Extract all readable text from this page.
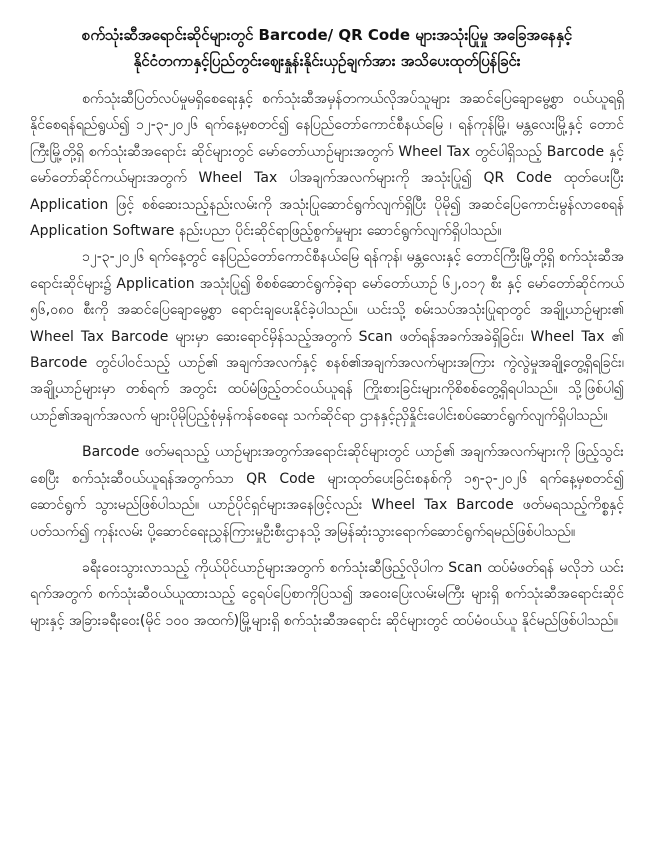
စက်သုံးဆီအရောင်းဆိုင်များတွင် Barcode/ QR Code များအသုံးပြုမှု အခြေအနေနှင့်
နိုင်ငံတကာနှင့်ပြည်တွင်းဈေးနှုန်းနိုင်းယှဉ်ချက်အား အသိပေးထုတ်ပြန်ခြင်း

စက်သုံးဆီပြတ်လပ်မှုမရှိစေရေးနှင့် စက်သုံးဆီအမှန်တကယ်လိုအပ်သူများ အဆင်ပြေချောမွေ့စွာ ဝယ်ယူရရှိနိုင်စေရန်ရည်ရွယ်၍ ၁၂-၃-၂၀၂၆ ရက်နေ့မှစတင်၍ နေပြည်တော်ကောင်စီနယ်မြေ ၊ ရန်ကုန်မြို့၊ မန္တလေးမြို့နှင့် တောင်ကြီးမြို့တို့ရှိ စက်သုံးဆီအရောင်း ဆိုင်များတွင် မော်တော်ယာဉ်များအတွက် Wheel Tax တွင်ပါရှိသည့် Barcode နှင့် မော်တော်ဆိုင်ကယ်များအတွက် Wheel Tax ပါအချက်အလက်များကို အသုံးပြု၍ QR Code ထုတ်ပေးပြီး Application ဖြင့် စစ်ဆေးသည့်နည်းလမ်းကို အသုံးပြုဆောင်ရွက်လျက်ရှိပြီး ပိုမို၍ အဆင်ပြေကောင်းမွန်လာစေရန် Application Software နည်းပညာ ပိုင်းဆိုင်ရာဖြည့်စွက်မှုများ ဆောင်ရွက်လျက်ရှိပါသည်။

၁၂-၃-၂၀၂၆ ရက်နေ့တွင် နေပြည်တော်ကောင်စီနယ်မြေ ရန်ကုန်၊ မန္တလေးနှင့် တောင်ကြီးမြို့တို့ရှိ စက်သုံးဆီအရောင်းဆိုင်များ၌ Application အသုံးပြု၍ စိစစ်ဆောင်ရွက်ခဲ့ရာ မော်တော်ယာဉ် ၆၂,၀၁၇ စီး နှင့် မော်တော်ဆိုင်ကယ် ၅၆,၀၈၀ စီးကို အဆင်ပြေချောမွေ့စွာ ရောင်းချပေးနိုင်ခဲ့ပါသည်။ ယင်းသို့ စမ်းသပ်အသုံးပြုရာတွင် အချို့ယာဉ်များ၏ Wheel Tax Barcode များမှာ ဆေးရောင်မှိန်သည့်အတွက် Scan ဖတ်ရန်အခက်အခဲရှိခြင်း၊ Wheel Tax ၏ Barcode တွင်ပါဝင်သည့် ယာဉ်၏ အချက်အလက်နှင့် စနစ်၏အချက်အလက်များအကြား ကွဲလွဲမှုအချို့တွေ့ရှိရခြင်း၊ အချို့ယာဉ်များမှာ တစ်ရက် အတွင်း ထပ်မံဖြည့်တင်ဝယ်ယူရန် ကြိုးစားခြင်းများကိုစိစစ်တွေ့ရှိရပါသည်။ သို့ဖြစ်ပါ၍ ယာဉ်၏အချက်အလက် များပိုမိုပြည့်စုံမှန်ကန်စေရေး သက်ဆိုင်ရာ ဌာနနှင့်ညှိနှိုင်းပေါင်းစပ်ဆောင်ရွက်လျက်ရှိပါသည်။

Barcode ဖတ်မရသည့် ယာဉ်များအတွက်အရောင်းဆိုင်များတွင် ယာဉ်၏ အချက်အလက်များကို ဖြည့်သွင်းစေပြီး စက်သုံးဆီဝယ်ယူရန်အတွက်သာ QR Code များထုတ်ပေးခြင်းစနစ်ကို ၁၅-၃-၂၀၂၆ ရက်နေ့မှစတင်၍ ဆောင်ရွက် သွားမည်ဖြစ်ပါသည်။ ယာဉ်ပိုင်ရှင်များအနေဖြင့်လည်း Wheel Tax Barcode ဖတ်မရသည့်ကိစ္စနှင့်ပတ်သက်၍ ကုန်းလမ်း ပို့ဆောင်ရေးညွှန်ကြားမှုဦးစီးဌာနသို့ အမြန်ဆုံးသွားရောက်ဆောင်ရွက်ရမည်ဖြစ်ပါသည်။

ခရီးဝေးသွားလာသည့် ကိုယ်ပိုင်ယာဉ်များအတွက် စက်သုံးဆီဖြည့်လိုပါက Scan ထပ်မံဖတ်ရန် မလိုဘဲ ယင်းရက်အတွက် စက်သုံးဆီဝယ်ယူထားသည့် ငွေရပ်ပြေစာကိုပြသ၍ အဝေးပြေးလမ်းမကြီး များရှိ စက်သုံးဆီအရောင်းဆိုင်များနှင့် အခြားခရီးဝေး(မိုင် ၁၀၀ အထက်)မြို့များရှိ စက်သုံးဆီအရောင်း ဆိုင်များတွင် ထပ်မံဝယ်ယူ နိုင်မည်ဖြစ်ပါသည်။
